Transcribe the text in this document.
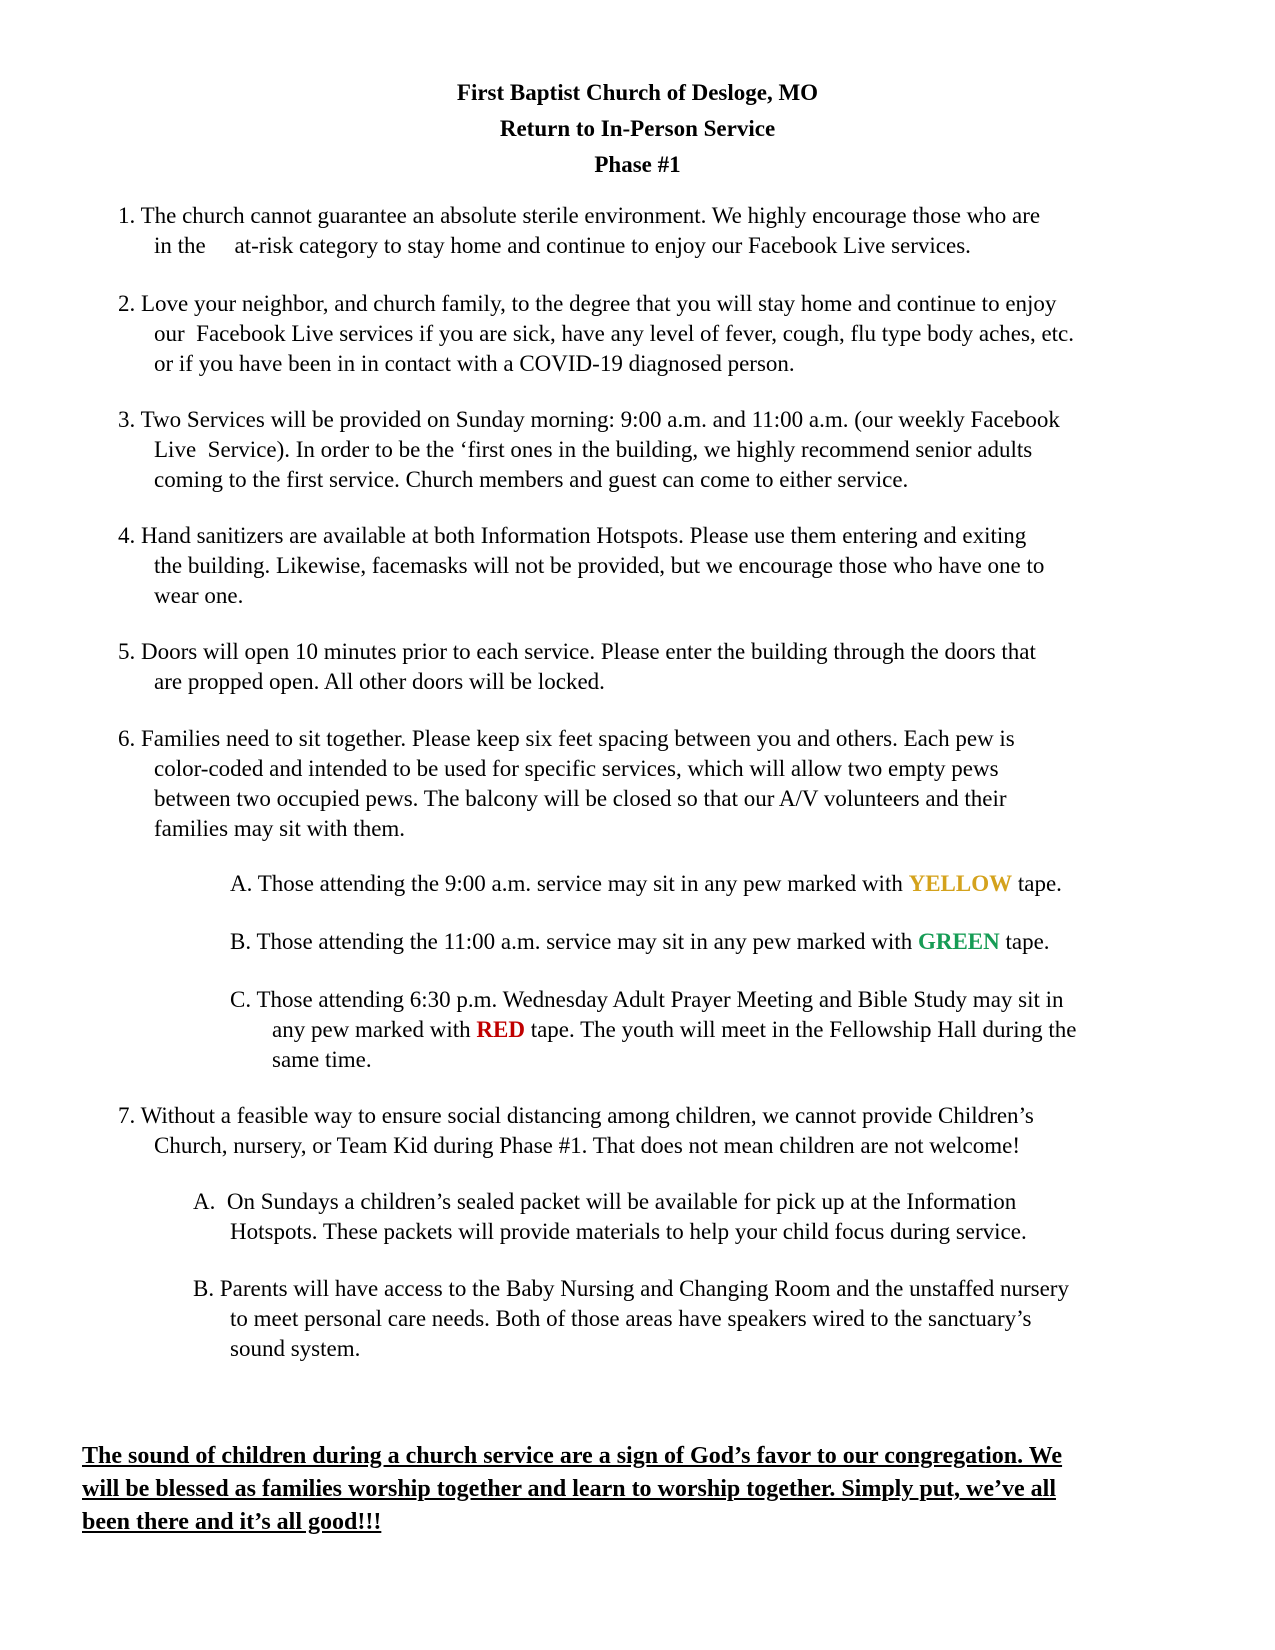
First Baptist Church of Desloge, MO
Return to In-Person Service
Phase #1
1. The church cannot guarantee an absolute sterile environment. We highly encourage those who are
in the     at-risk category to stay home and continue to enjoy our Facebook Live services.
2. Love your neighbor, and church family, to the degree that you will stay home and continue to enjoy
our  Facebook Live services if you are sick, have any level of fever, cough, flu type body aches, etc.
or if you have been in in contact with a COVID-19 diagnosed person.
3. Two Services will be provided on Sunday morning: 9:00 a.m. and 11:00 a.m. (our weekly Facebook
Live  Service). In order to be the ‘first ones in the building, we highly recommend senior adults
coming to the first service. Church members and guest can come to either service.
4. Hand sanitizers are available at both Information Hotspots. Please use them entering and exiting
the building. Likewise, facemasks will not be provided, but we encourage those who have one to
wear one.
5. Doors will open 10 minutes prior to each service. Please enter the building through the doors that
are propped open. All other doors will be locked.
6. Families need to sit together. Please keep six feet spacing between you and others. Each pew is
color-coded and intended to be used for specific services, which will allow two empty pews
between two occupied pews. The balcony will be closed so that our A/V volunteers and their
families may sit with them.
A. Those attending the 9:00 a.m. service may sit in any pew marked with YELLOW tape.
B. Those attending the 11:00 a.m. service may sit in any pew marked with GREEN tape.
C. Those attending 6:30 p.m. Wednesday Adult Prayer Meeting and Bible Study may sit in
any pew marked with RED tape. The youth will meet in the Fellowship Hall during the
same time.
7. Without a feasible way to ensure social distancing among children, we cannot provide Children’s
Church, nursery, or Team Kid during Phase #1. That does not mean children are not welcome!
A. On Sundays a children’s sealed packet will be available for pick up at the Information
Hotspots. These packets will provide materials to help your child focus during service.
B. Parents will have access to the Baby Nursing and Changing Room and the unstaffed nursery
to meet personal care needs. Both of those areas have speakers wired to the sanctuary’s
sound system.
The sound of children during a church service are a sign of God’s favor to our congregation. We
will be blessed as families worship together and learn to worship together. Simply put, we’ve all
been there and it’s all good!!!
